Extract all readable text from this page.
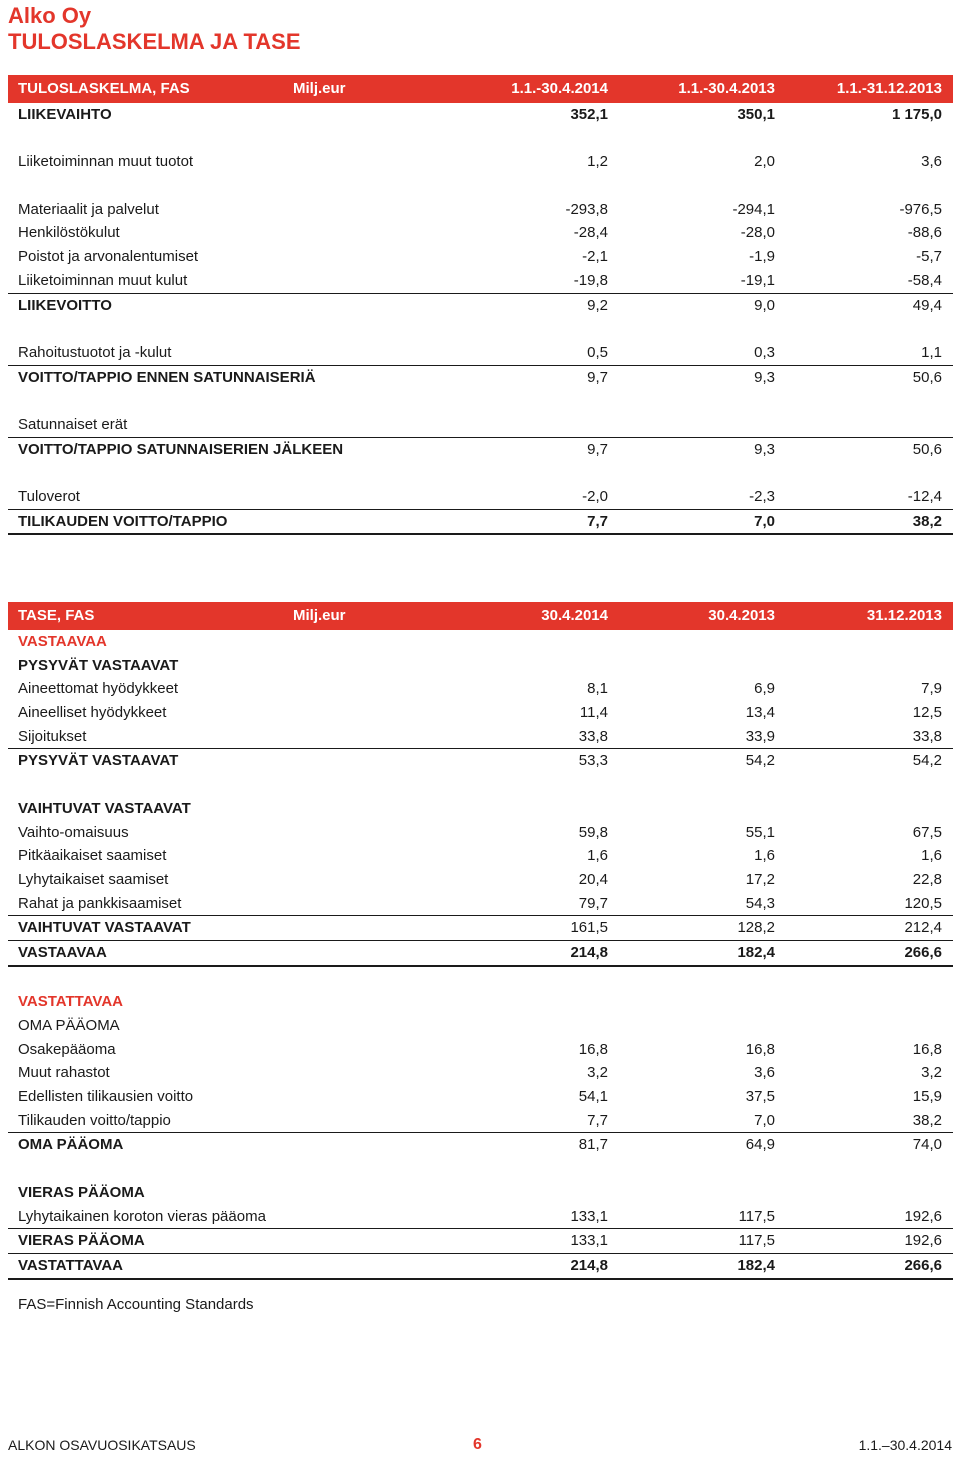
Alko Oy
TULOSLASKELMA JA TASE
TULOSLASKELMA, FAS	Milj.eur	1.1.-30.4.2014	1.1.-30.4.2013	1.1.-31.12.2013
LIIKEVAIHTO	352,1	350,1	1 175,0
Liiketoiminnan muut tuotot	1,2	2,0	3,6
Materiaalit ja palvelut	-293,8	-294,1	-976,5
Henkilöstökulut	-28,4	-28,0	-88,6
Poistot ja arvonalentumiset	-2,1	-1,9	-5,7
Liiketoiminnan muut kulut	-19,8	-19,1	-58,4
LIIKEVOITTO	9,2	9,0	49,4
Rahoitustuotot ja -kulut	0,5	0,3	1,1
VOITTO/TAPPIO ENNEN SATUNNAISERIÄ	9,7	9,3	50,6
Satunnaiset erät
VOITTO/TAPPIO SATUNNAISERIEN JÄLKEEN	9,7	9,3	50,6
Tuloverot	-2,0	-2,3	-12,4
TILIKAUDEN VOITTO/TAPPIO	7,7	7,0	38,2
TASE, FAS	Milj.eur	30.4.2014	30.4.2013	31.12.2013
VASTAAVAA
PYSYVÄT VASTAAVAT
Aineettomat hyödykkeet	8,1	6,9	7,9
Aineelliset hyödykkeet	11,4	13,4	12,5
Sijoitukset	33,8	33,9	33,8
PYSYVÄT VASTAAVAT	53,3	54,2	54,2
VAIHTUVAT VASTAAVAT
Vaihto-omaisuus	59,8	55,1	67,5
Pitkäaikaiset saamiset	1,6	1,6	1,6
Lyhytaikaiset saamiset	20,4	17,2	22,8
Rahat ja pankkisaamiset	79,7	54,3	120,5
VAIHTUVAT VASTAAVAT	161,5	128,2	212,4
VASTAAVAA	214,8	182,4	266,6
VASTATTAVAA
OMA PÄÄOMA
Osakepääoma	16,8	16,8	16,8
Muut rahastot	3,2	3,6	3,2
Edellisten tilikausien voitto	54,1	37,5	15,9
Tilikauden voitto/tappio	7,7	7,0	38,2
OMA PÄÄOMA	81,7	64,9	74,0
VIERAS PÄÄOMA
Lyhytaikainen koroton vieras pääoma	133,1	117,5	192,6
VIERAS PÄÄOMA	133,1	117,5	192,6
VASTATTAVAA	214,8	182,4	266,6
FAS=Finnish Accounting Standards
ALKON OSAVUOSIKATSAUS	6	1.1.–30.4.2014
